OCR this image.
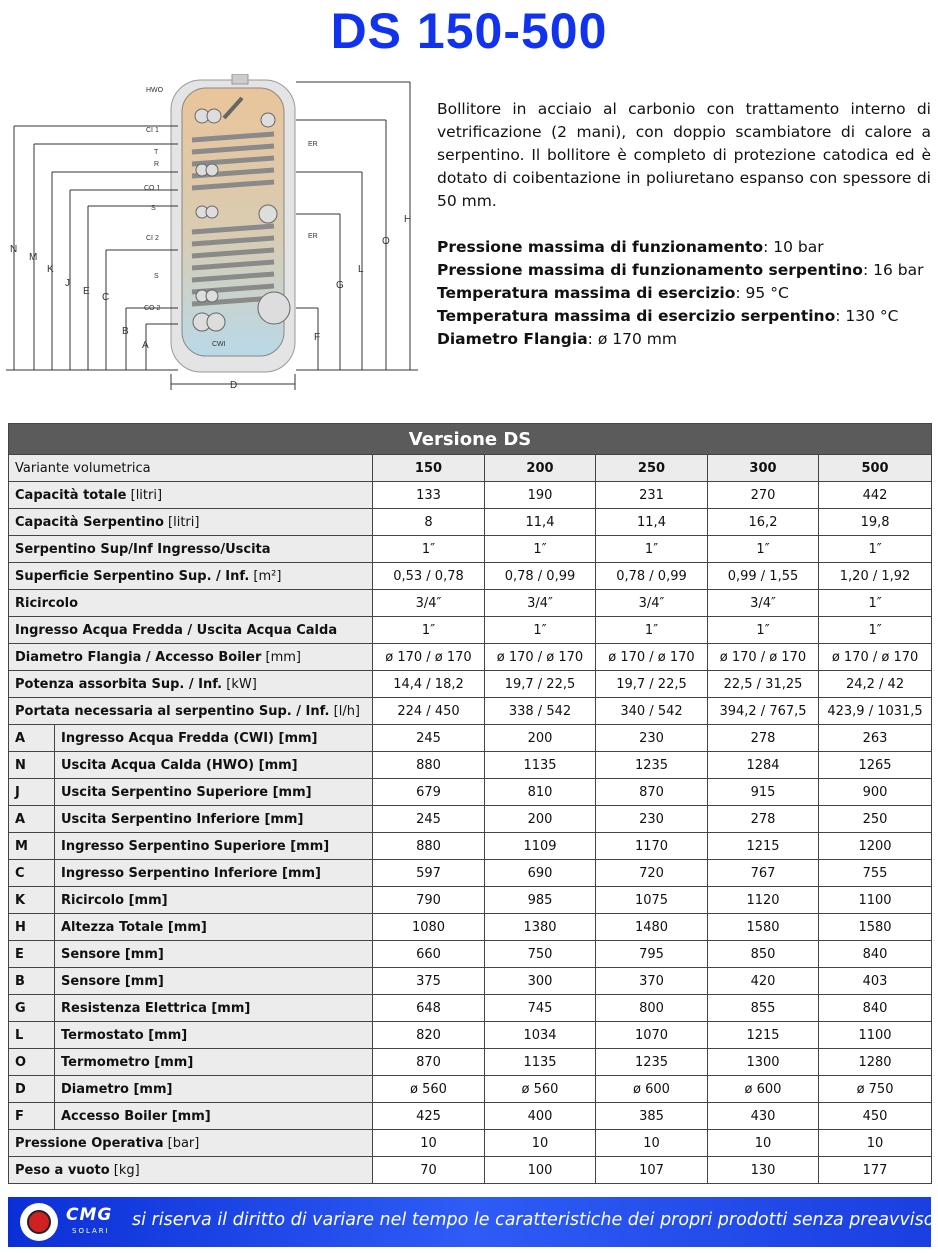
DS 150-500
HWO
CI 1
T
R
CO 1
S
CI 2
S
CO 2
CWI
ER
ER
N
M
K
J
E
C
B
A
D
H
O
L
G
F
Bollitore in acciaio al carbonio con trattamento interno di vetrificazione (2 mani), con doppio scambiatore di calore a serpentino. Il bollitore è completo di protezione catodica ed è dotato di coibentazione in poliuretano espanso con spessore di 50 mm.
Pressione massima di funzionamento: 10 bar
Pressione massima di funzionamento serpentino: 16 bar
Temperatura massima di esercizio: 95 °C
Temperatura massima di esercizio serpentino: 130 °C
Diametro Flangia: ø 170 mm
Versione DS						
Variante volumetrica		150	200	250	300	500
Capacità totale [litri]		133	190	231	270	442
Capacità Serpentino [litri]		8	11,4	11,4	16,2	19,8
Serpentino Sup/Inf Ingresso/Uscita		1″	1″	1″	1″	1″
Superficie Serpentino Sup. / Inf. [m²]		0,53 / 0,78	0,78 / 0,99	0,78 / 0,99	0,99 / 1,55	1,20 / 1,92
Ricircolo		3/4″	3/4″	3/4″	3/4″	1″
Ingresso Acqua Fredda / Uscita Acqua Calda		1″	1″	1″	1″	1″
Diametro Flangia / Accesso Boiler [mm]		ø 170 / ø 170	ø 170 / ø 170	ø 170 / ø 170	ø 170 / ø 170	ø 170 / ø 170
Potenza assorbita Sup. / Inf. [kW]		14,4 / 18,2	19,7 / 22,5	19,7 / 22,5	22,5 / 31,25	24,2 / 42
Portata necessaria al serpentino Sup. / Inf. [l/h]		224 / 450	338 / 542	340 / 542	394,2 / 767,5	423,9 / 1031,5
A	Ingresso Acqua Fredda (CWI) [mm]	245	200	230	278	263
N	Uscita Acqua Calda (HWO) [mm]	880	1135	1235	1284	1265
J	Uscita Serpentino Superiore [mm]	679	810	870	915	900
A	Uscita Serpentino Inferiore [mm]	245	200	230	278	250
M	Ingresso Serpentino Superiore [mm]	880	1109	1170	1215	1200
C	Ingresso Serpentino Inferiore [mm]	597	690	720	767	755
K	Ricircolo [mm]	790	985	1075	1120	1100
H	Altezza Totale [mm]	1080	1380	1480	1580	1580
E	Sensore [mm]	660	750	795	850	840
B	Sensore [mm]	375	300	370	420	403
G	Resistenza Elettrica [mm]	648	745	800	855	840
L	Termostato [mm]	820	1034	1070	1215	1100
O	Termometro [mm]	870	1135	1235	1300	1280
D	Diametro [mm]	ø 560	ø 560	ø 600	ø 600	ø 750
F	Accesso Boiler [mm]	425	400	385	430	450
Pressione Operativa [bar]		10	10	10	10	10
Peso a vuoto [kg]		70	100	107	130	177
CMG
SOLARI
si riserva il diritto di variare nel tempo le caratteristiche dei propri prodotti senza preavviso
